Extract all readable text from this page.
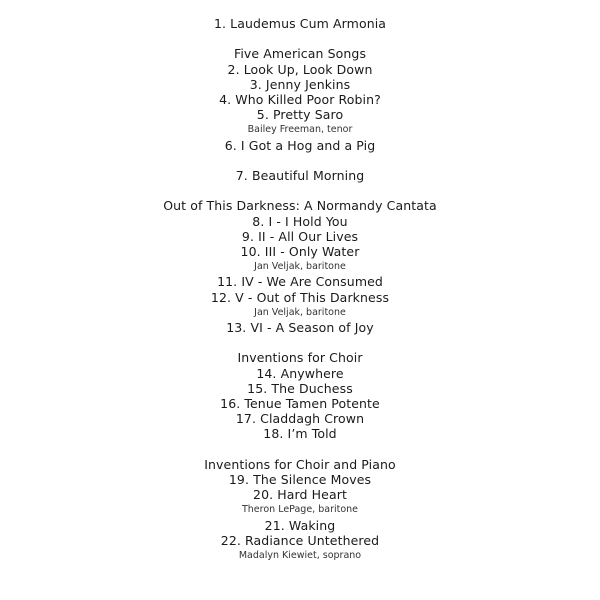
1. Laudemus Cum Armonia
Five American Songs
2. Look Up, Look Down
3. Jenny Jenkins
4. Who Killed Poor Robin?
5. Pretty Saro
Bailey Freeman, tenor
6. I Got a Hog and a Pig
7. Beautiful Morning
Out of This Darkness: A Normandy Cantata
8. I - I Hold You
9. II - All Our Lives
10. III - Only Water
Jan Veljak, baritone
11. IV - We Are Consumed
12. V - Out of This Darkness
Jan Veljak, baritone
13. VI - A Season of Joy
Inventions for Choir
14. Anywhere
15. The Duchess
16. Tenue Tamen Potente
17. Claddagh Crown
18. I’m Told
Inventions for Choir and Piano
19. The Silence Moves
20. Hard Heart
Theron LePage, baritone
21. Waking
22. Radiance Untethered
Madalyn Kiewiet, soprano
